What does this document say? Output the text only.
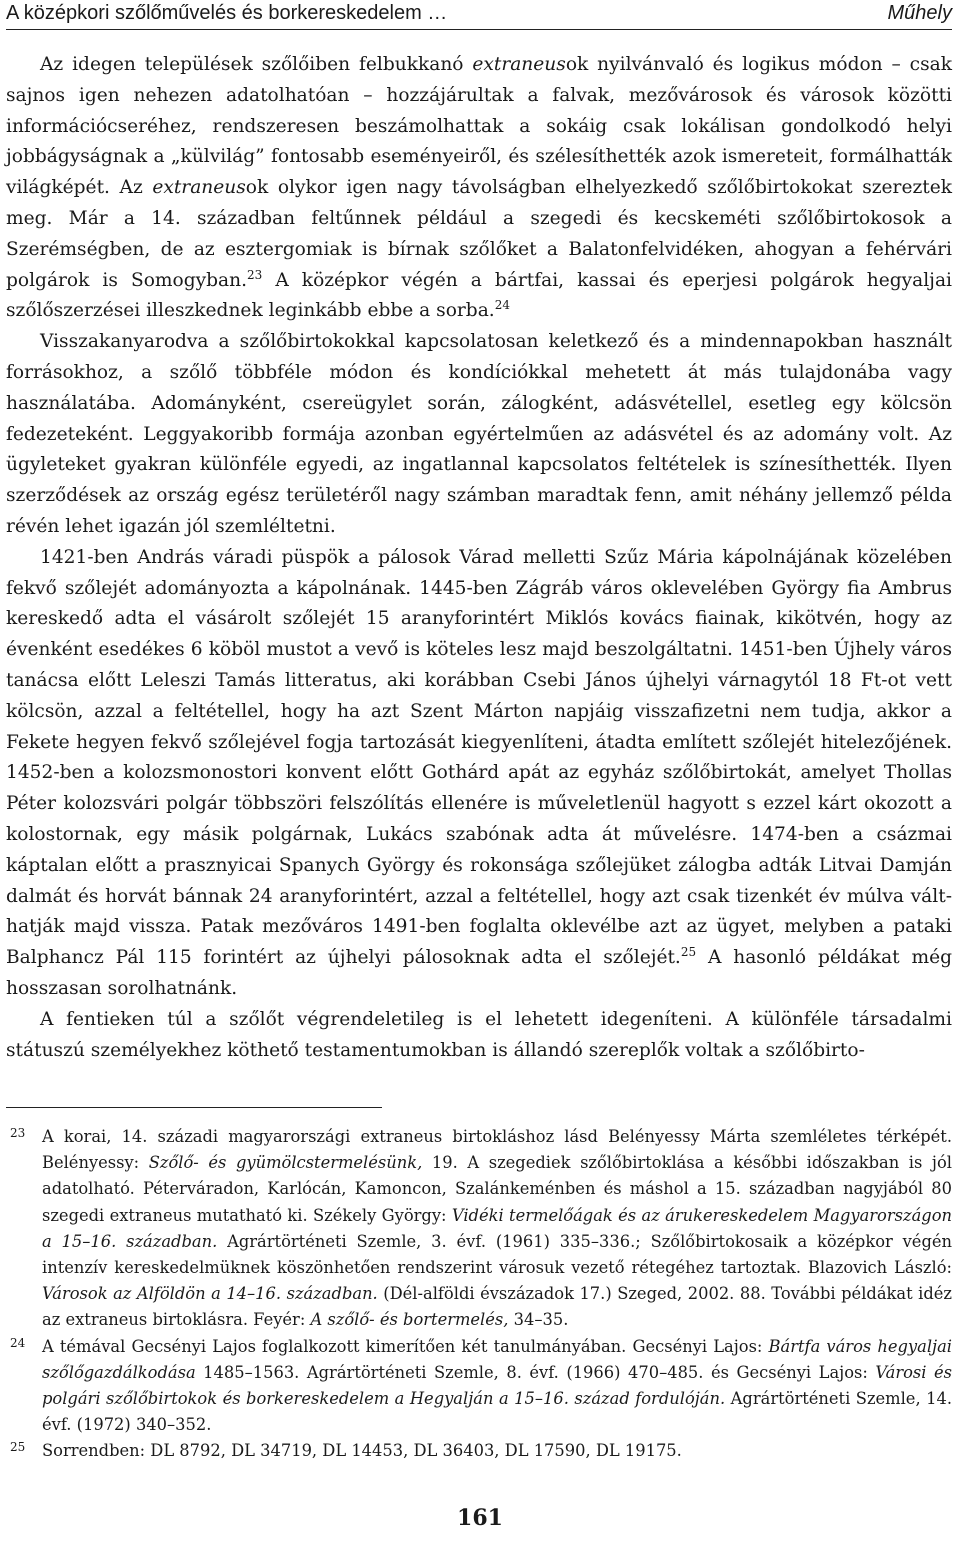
A középkori szőlőművelés és borkereskedelem …	Műhely

Az idegen települések szőlőiben felbukkanó extraneusok nyilvánvaló és logikus módon – csak sajnos igen nehezen adatolhatóan – hozzájárultak a falvak, mezővárosok és városok közötti információcseréhez, rendszeresen beszámolhattak a sokáig csak lokálisan gondolkodó helyi jobbágyságnak a „külvilág” fontosabb eseményeiről, és szélesíthették azok ismereteit, formálhatták világképét. Az extraneusok olykor igen nagy távolságban elhelyezkedő szőlőbirtokokat szereztek meg. Már a 14. században feltűnnek például a szegedi és kecskeméti szőlőbirtokosok a Szerémségben, de az esztergomiak is bírnak szőlőket a Balatonfelvidéken, ahogyan a fehérvári polgárok is Somogyban.$^{23}$ A középkor végén a bártfai, kassai és eperjesi polgárok hegyaljai szőlőszerzései illeszkednek leginkább ebbe a sorba.$^{24}$

Visszakanyarodva a szőlőbirtokokkal kapcsolatosan keletkező és a mindennapokban használt forrásokhoz, a szőlő többféle módon és kondíciókkal mehetett át más tulajdonába vagy használatába. Adományként, csereügylet során, zálogként, adásvétellel, esetleg egy kölcsön fedezeteként. Leggyakoribb formája azonban egyértelműen az adásvétel és az adomány volt. Az ügyleteket gyakran különféle egyedi, az ingatlannal kapcsolatos feltételek is színesíthették. Ilyen szerződések az ország egész területéről nagy számban maradtak fenn, amit néhány jellemző példa révén lehet igazán jól szemléltetni.

1421-ben András váradi püspök a pálosok Várad melletti Szűz Mária kápolnájának közelében fekvő szőlejét adományozta a kápolnának. 1445-ben Zágráb város oklevelében György fia Ambrus kereskedő adta el vásárolt szőlejét 15 aranyforintért Miklós kovács fiainak, kikötvén, hogy az évenként esedékes 6 köböl mustot a vevő is köteles lesz majd beszolgáltatni. 1451-ben Újhely város tanácsa előtt Leleszi Tamás litteratus, aki korábban Csebi János újhelyi várnagytól 18 Ft-ot vett kölcsön, azzal a feltétellel, hogy ha azt Szent Márton napjáig visszafizetni nem tudja, akkor a Fekete hegyen fekvő szőlejével fogja tartozását kiegyenlíteni, átadta említett szőlejét hitelezőjének. 1452-ben a kolozsmonostori konvent előtt Gothárd apát az egyház szőlőbirtokát, amelyet Thollas Péter kolozsvári polgár többszöri felszólítás ellenére is műveletlenül hagyott s ezzel kárt okozott a kolostornak, egy másik polgárnak, Lukács szabónak adta át művelésre. 1474-ben a csázmai káptalan előtt a prasznyicai Spanych György és rokonsága szőlejüket zálogba adták Litvai Damján dalmát és horvát bánnak 24 aranyforintért, azzal a feltétellel, hogy azt csak tizenkét év múlva válthatják majd vissza. Patak mezőváros 1491-ben foglalta oklevélbe azt az ügyet, melyben a pataki Balphancz Pál 115 forintért az újhelyi pálosoknak adta el szőlejét.$^{25}$ A hasonló példákat még hosszasan sorolhatnánk.

A fentieken túl a szőlőt végrendeletileg is el lehetett idegeníteni. A különféle társadalmi státuszú személyekhez köthető testamentumokban is állandó szereplők voltak a szőlőbirto-

23 A korai, 14. századi magyarországi extraneus birtokláshoz lásd Belényessy Márta szemléletes térképét. Belényessy: Szőlő- és gyümölcstermelésünk, 19. A szegediek szőlőbirtoklása a későbbi időszakban is jól adatolható. Péterváradon, Karlócán, Kamoncon, Szalánkeménben és máshol a 15. században nagyjából 80 szegedi extraneus mutatható ki. Székely György: Vidéki termelőágak és az árukereskedelem Magyarországon a 15–16. században. Agrártörténeti Szemle, 3. évf. (1961) 335–336.; Szőlőbirtokosaik a középkor végén intenzív kereskedelmüknek köszönhetően rendszerint városuk vezető rétegéhez tartoztak. Blazovich László: Városok az Alföldön a 14–16. században. (Dél-alföldi évszázadok 17.) Szeged, 2002. 88. További példákat idéz az extraneus birtoklásra. Feyér: A szőlő- és bortermelés, 34–35.

24 A témával Gecsényi Lajos foglalkozott kimerítően két tanulmányában. Gecsényi Lajos: Bártfa város hegyaljai szőlőgazdálkodása 1485–1563. Agrártörténeti Szemle, 8. évf. (1966) 470–485. és Gecsényi Lajos: Városi és polgári szőlőbirtokok és borkereskedelem a Hegyalján a 15–16. század fordulóján. Agrártörténeti Szemle, 14. évf. (1972) 340–352.

25 Sorrendben: DL 8792, DL 34719, DL 14453, DL 36403, DL 17590, DL 19175.

161
